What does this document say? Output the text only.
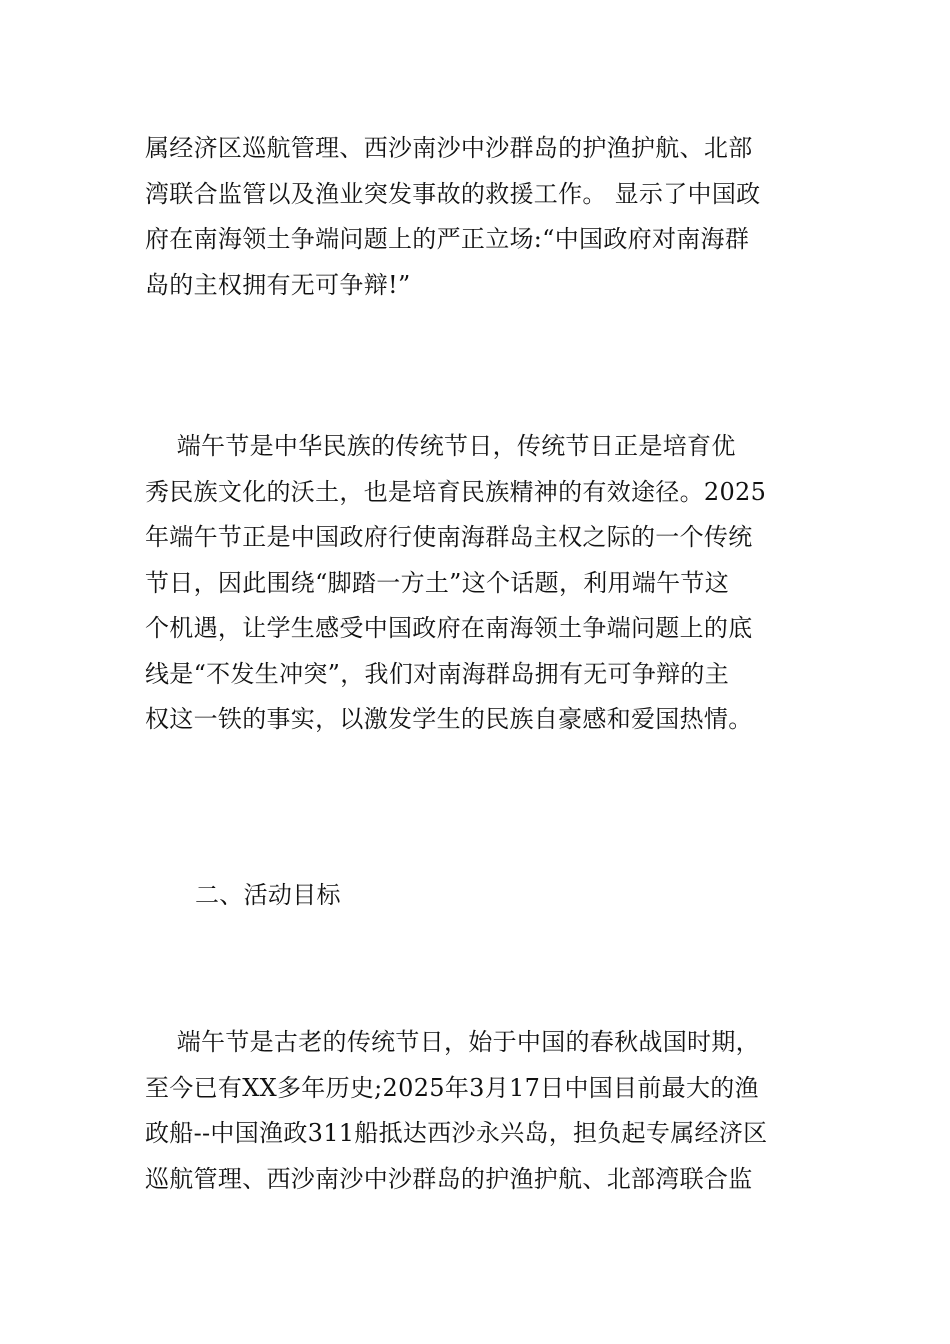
属经济区巡航管理、西沙南沙中沙群岛的护渔护航、北部
湾联合监管以及渔业突发事故的救援工作。 显示了中国政
府在南海领土争端问题上的严正立场:“中国政府对南海群
岛的主权拥有无可争辩!”

端午节是中华民族的传统节日，传统节日正是培育优
秀民族文化的沃土，也是培育民族精神的有效途径。2025
年端午节正是中国政府行使南海群岛主权之际的一个传统
节日，因此围绕“脚踏一方土”这个话题，利用端午节这
个机遇，让学生感受中国政府在南海领土争端问题上的底
线是“不发生冲突”，我们对南海群岛拥有无可争辩的主
权这一铁的事实，以激发学生的民族自豪感和爱国热情。

二、活动目标

端午节是古老的传统节日，始于中国的春秋战国时期，
至今已有XX多年历史;2025年3月17日中国目前最大的渔
政船--中国渔政311船抵达西沙永兴岛，担负起专属经济区
巡航管理、西沙南沙中沙群岛的护渔护航、北部湾联合监
